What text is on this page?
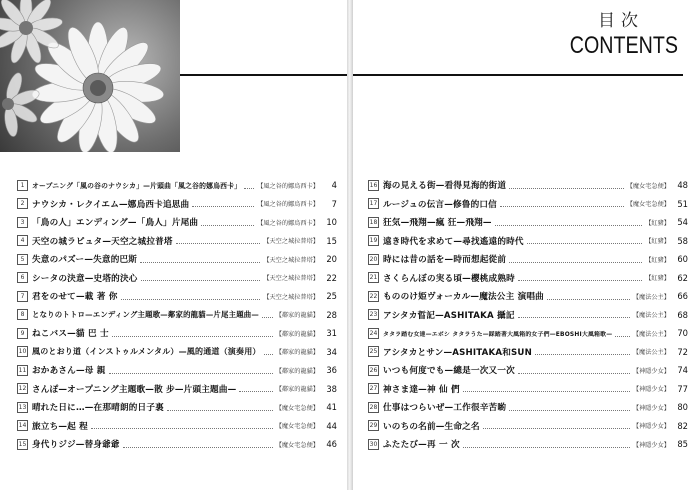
1	オープニング「風の谷のナウシカ」—片頭曲「風之谷的娜烏西卡」	【風之谷的娜烏西卡】	4
2 ナウシカ・レクイエム—娜烏西卡追思曲	【風之谷的娜烏西卡】	7
3 「鳥の人」エンディング—「鳥人」片尾曲	【風之谷的娜烏西卡】 10
4 天空の城ラピュタ—天空之城拉普塔	【天空之城拉普塔】 15
5 失意のパズー—失意的巴斯	【天空之城拉普塔】 20
6 シータの決意—史塔的決心	【天空之城拉普塔】 22
7 君をのせて—載 著 你	【天空之城拉普塔】 25
8	となりのトトロ—エンディング主題歌—鄰家的龍貓—片尾主題曲—	【鄰家的龍貓】 28
9 ねこバス—貓 巴 士	【鄰家的龍貓】 31
10 風のとおり道（インストゥルメンタル）—風的通道（演奏用） 【鄰家的龍貓】 34
11 おかあさん—母 親	【鄰家的龍貓】 36
12 さんぽ—オープニング主題歌—散 步—片頭主題曲—	【鄰家的龍貓】 38
13 晴れた日に…—在那晴朗的日子裏	【魔女宅急便】 41
14 旅立ち—起 程	【魔女宅急便】 44
15 身代りジジ—替身爺爺	【魔女宅急便】 46
目次
CONTENTS
16 海の見える街—看得見海的街道	【魔女宅急便】 48
17 ルージュの伝言—修鲁的口信	【魔女宅急便】 51
18 狂気—飛翔—瘋 狂—飛翔—	【紅豬】 54
19 遠き時代を求めて—尋找遙遠的時代	【紅豬】 58
20 時には昔の話を—時而想起從前	【紅豬】 60
21 さくらんぼの実る頃—櫻桃成熟時	【紅豬】 62
22 もののけ姫ヴォーカル—魔法公主 演唱曲	【魔法公主】 66
23 アシタカ䀸記—ASHITAKA 攝記	【魔法公主】 68
24 タタラ踏む女達—エボシ タタラうた—踩踏著大風箱的女子們—EBOSHI大風箱歌—	【魔法公主】 70
25 アシタカとサン—ASHITAKA和SUN	【魔法公主】 72
26 いつも何度でも—總是一次又一次	【神隱少女】 74
27 神さま達—神 仙 們	【神隱少女】 77
28 仕事はつらいぜ—工作很辛苦喲	【神隱少女】 80
29 いのちの名前—生命之名	【神隱少女】 82
30 ふたたび—再 一 次	【神隱少女】 85
